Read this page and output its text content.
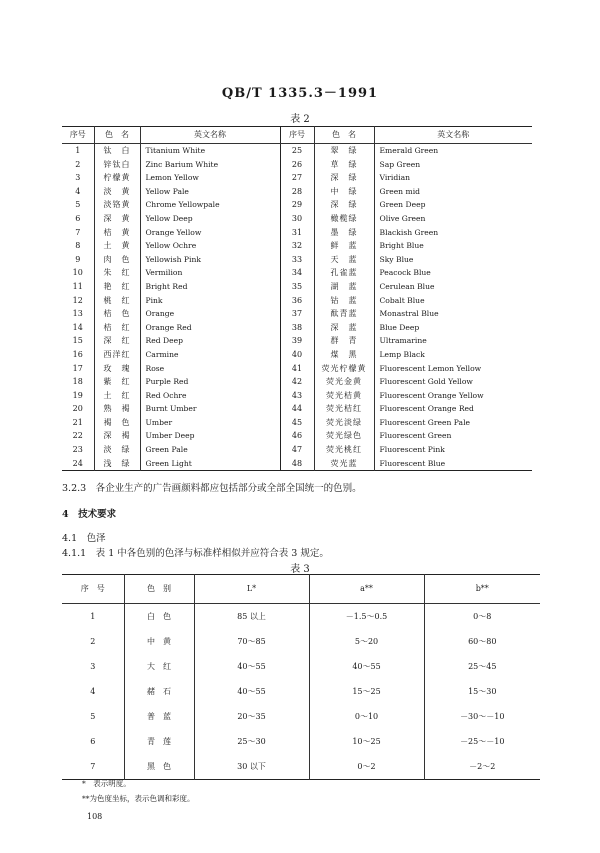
QB/T 1335.3－1991
表 2
序号	色　名	英文名称	序号	色　名	英文名称
1	钛　白	Titanium White	25	翠　绿	Emerald Green
2	锌钛白	Zinc Barium White	26	草　绿	Sap Green
3	柠檬黄	Lemon Yellow	27	深　绿	Viridian
4	淡　黄	Yellow Pale	28	中　绿	Green mid
5	淡铬黄	Chrome Yellowpale	29	深　绿	Green Deep
6	深　黄	Yellow Deep	30	橄榄绿	Olive Green
7	桔　黄	Orange Yellow	31	墨　绿	Blackish Green
8	土　黄	Yellow Ochre	32	鲜　蓝	Bright Blue
9	肉　色	Yellowish Pink	33	天　蓝	Sky Blue
10	朱　红	Vermilion	34	孔雀蓝	Peacock Blue
11	艳　红	Bright Red	35	湖　蓝	Cerulean Blue
12	桃　红	Pink	36	钴　蓝	Cobalt Blue
13	桔　色	Orange	37	酞青蓝	Monastral Blue
14	桔　红	Orange Red	38	深　蓝	Blue Deep
15	深　红	Red Deep	39	群　青	Ultramarine
16	西洋红	Carmine	40	煤　黑	Lemp Black
17	玫　瑰	Rose	41	荧光柠檬黄	Fluorescent Lemon Yellow
18	紫　红	Purple Red	42	荧光金黄	Fluorescent Gold Yellow
19	土　红	Red Ochre	43	荧光桔黄	Fluorescent Orange Yellow
20	熟　褐	Burnt Umber	44	荧光桔红	Fluorescent Orange Red
21	褐　色	Umber	45	荧光淡绿	Fluorescent Green Pale
22	深　褐	Umber Deep	46	荧光绿色	Fluorescent Green
23	淡　绿	Green Pale	47	荧光桃红	Fluorescent Pink
24	浅　绿	Green Light	48	荧光蓝	Fluorescent Blue
3.2.3　各企业生产的广告画颜料都应包括部分或全部全国统一的色别。
4　技术要求
4.1　色泽
4.1.1　表 1 中各色别的色泽与标准样相似并应符合表 3 规定。
表 3
序　号	色　别	L*	a**	b**
1	白　色	85 以上	－1.5～0.5	0～8
2	中　黄	70～85	5～20	60～80
3	大　红	40～55	40～55	25～45
4	赭　石	40～55	15～25	15～30
5	普　蓝	20～35	0～10	－30～－10
6	青　莲	25～30	10～25	－25～－10
7	黑　色	30 以下	0～2	－2～2
*　表示明度。
**为色度坐标，表示色调和彩度。
108
